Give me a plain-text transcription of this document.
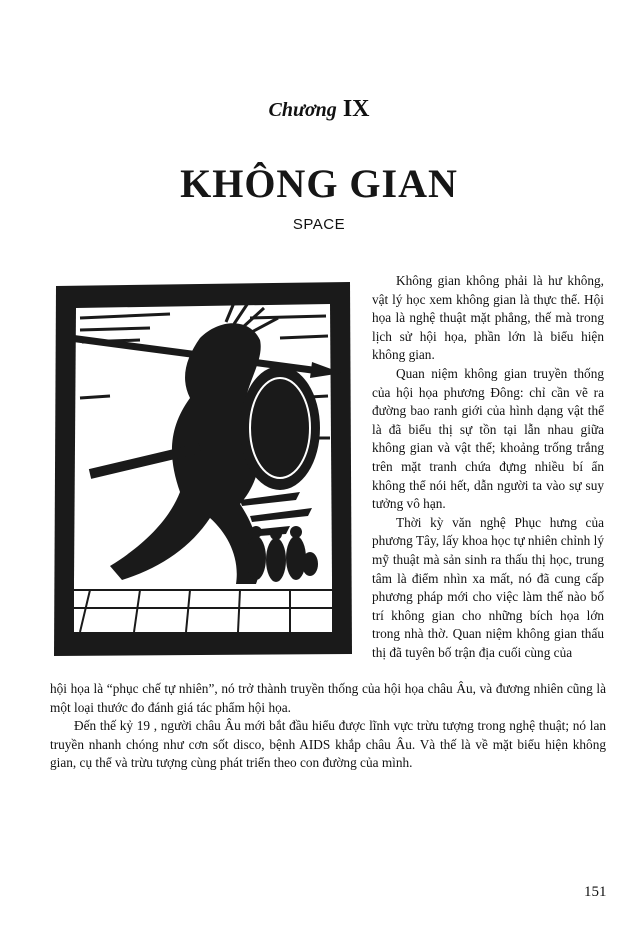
Chương IX
KHÔNG GIAN
SPACE

Không gian không phải là hư không, vật lý học xem không gian là thực thể. Hội họa là nghệ thuật mặt phẳng, thế mà trong lịch sử hội họa, phần lớn là biểu hiện không gian.

Quan niệm không gian truyền thống của hội họa phương Đông: chỉ cần vẽ ra đường bao ranh giới của hình dạng vật thể là đã biểu thị sự tồn tại lẫn nhau giữa không gian và vật thể; khoảng trống trắng trên mặt tranh chứa đựng nhiều bí ẩn không thể nói hết, dẫn người ta vào sự suy tưởng vô hạn.

Thời kỳ văn nghệ Phục hưng của phương Tây, lấy khoa học tự nhiên chỉnh lý mỹ thuật mà sản sinh ra thấu thị học, trung tâm là điểm nhìn xa mất, nó đã cung cấp phương pháp mới cho việc làm thế nào bố trí không gian cho những bích họa lớn trong nhà thờ. Quan niệm không gian thấu thị đã tuyên bố trận địa cuối cùng của

hội họa là “phục chế tự nhiên”, nó trở thành truyền thống của hội họa châu Âu, và đương nhiên cũng là một loại thước đo đánh giá tác phẩm hội họa.

Đến thế kỷ 19 , người châu Âu mới bắt đầu hiểu được lĩnh vực trừu tượng trong nghệ thuật; nó lan truyền nhanh chóng như cơn sốt disco, bệnh AIDS khắp châu Âu. Và thế là về mặt biểu hiện không gian, cụ thể và trừu tượng cùng phát triển theo con đường của mình.

151
